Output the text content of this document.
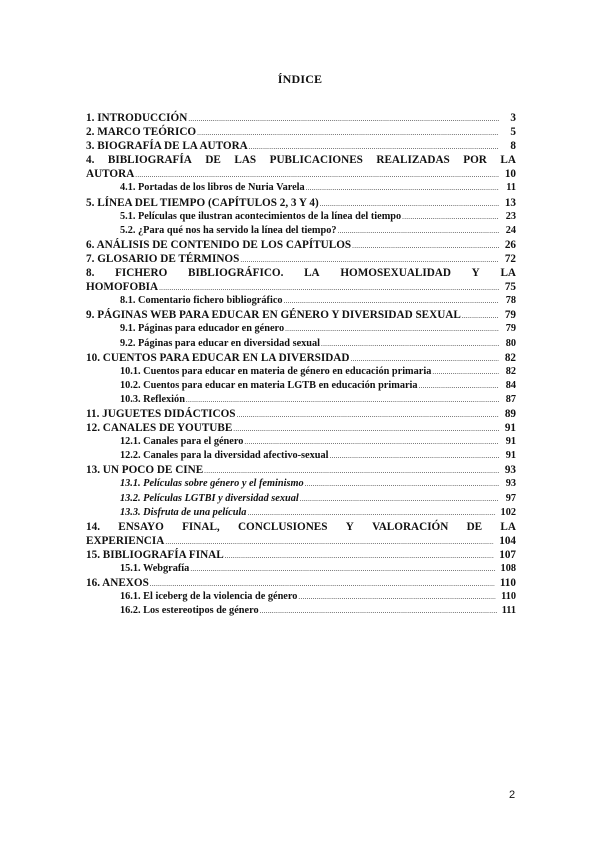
ÍNDICE
1. INTRODUCCIÓN .....	3
2. MARCO TEÓRICO .....	5
3. BIOGRAFÍA DE LA AUTORA .....	8
4. BIBLIOGRAFÍA DE LAS PUBLICACIONES REALIZADAS POR LA
AUTORA .....	10
4.1. Portadas de los libros de Nuria Varela .....	11
5. LÍNEA DEL TIEMPO (CAPÍTULOS 2, 3 Y 4) .....	13
5.1. Películas que ilustran acontecimientos de la línea del tiempo .....	23
5.2. ¿Para qué nos ha servido la línea del tiempo? .....	24
6. ANÁLISIS DE CONTENIDO DE LOS CAPÍTULOS .....	26
7. GLOSARIO DE TÉRMINOS .....	72
8. FICHERO BIBLIOGRÁFICO. LA HOMOSEXUALIDAD Y LA
HOMOFOBIA .....	75
8.1. Comentario fichero bibliográfico .....	78
9. PÁGINAS WEB PARA EDUCAR EN GÉNERO Y DIVERSIDAD SEXUAL .....	79
9.1. Páginas para educador en género .....	79
9.2. Páginas para educar en diversidad sexual .....	80
10. CUENTOS PARA EDUCAR EN LA DIVERSIDAD .....	82
10.1. Cuentos para educar en materia de género en educación primaria .....	82
10.2. Cuentos para educar en materia LGTB en educación primaria .....	84
10.3. Reflexión .....	87
11. JUGUETES DIDÁCTICOS .....	89
12. CANALES DE YOUTUBE .....	91
12.1. Canales para el género .....	91
12.2. Canales para la diversidad afectivo-sexual .....	91
13. UN POCO DE CINE .....	93
13.1. Películas sobre género y el feminismo .....	93
13.2. Películas LGTBI y diversidad sexual .....	97
13.3. Disfruta de una película .....	102
14. ENSAYO FINAL, CONCLUSIONES Y VALORACIÓN DE LA
EXPERIENCIA .....	104
15. BIBLIOGRAFÍA FINAL .....	107
15.1. Webgrafía .....	108
16. ANEXOS .....	110
16.1. El iceberg de la violencia de género .....	110
16.2. Los estereotipos de género .....	111
2
